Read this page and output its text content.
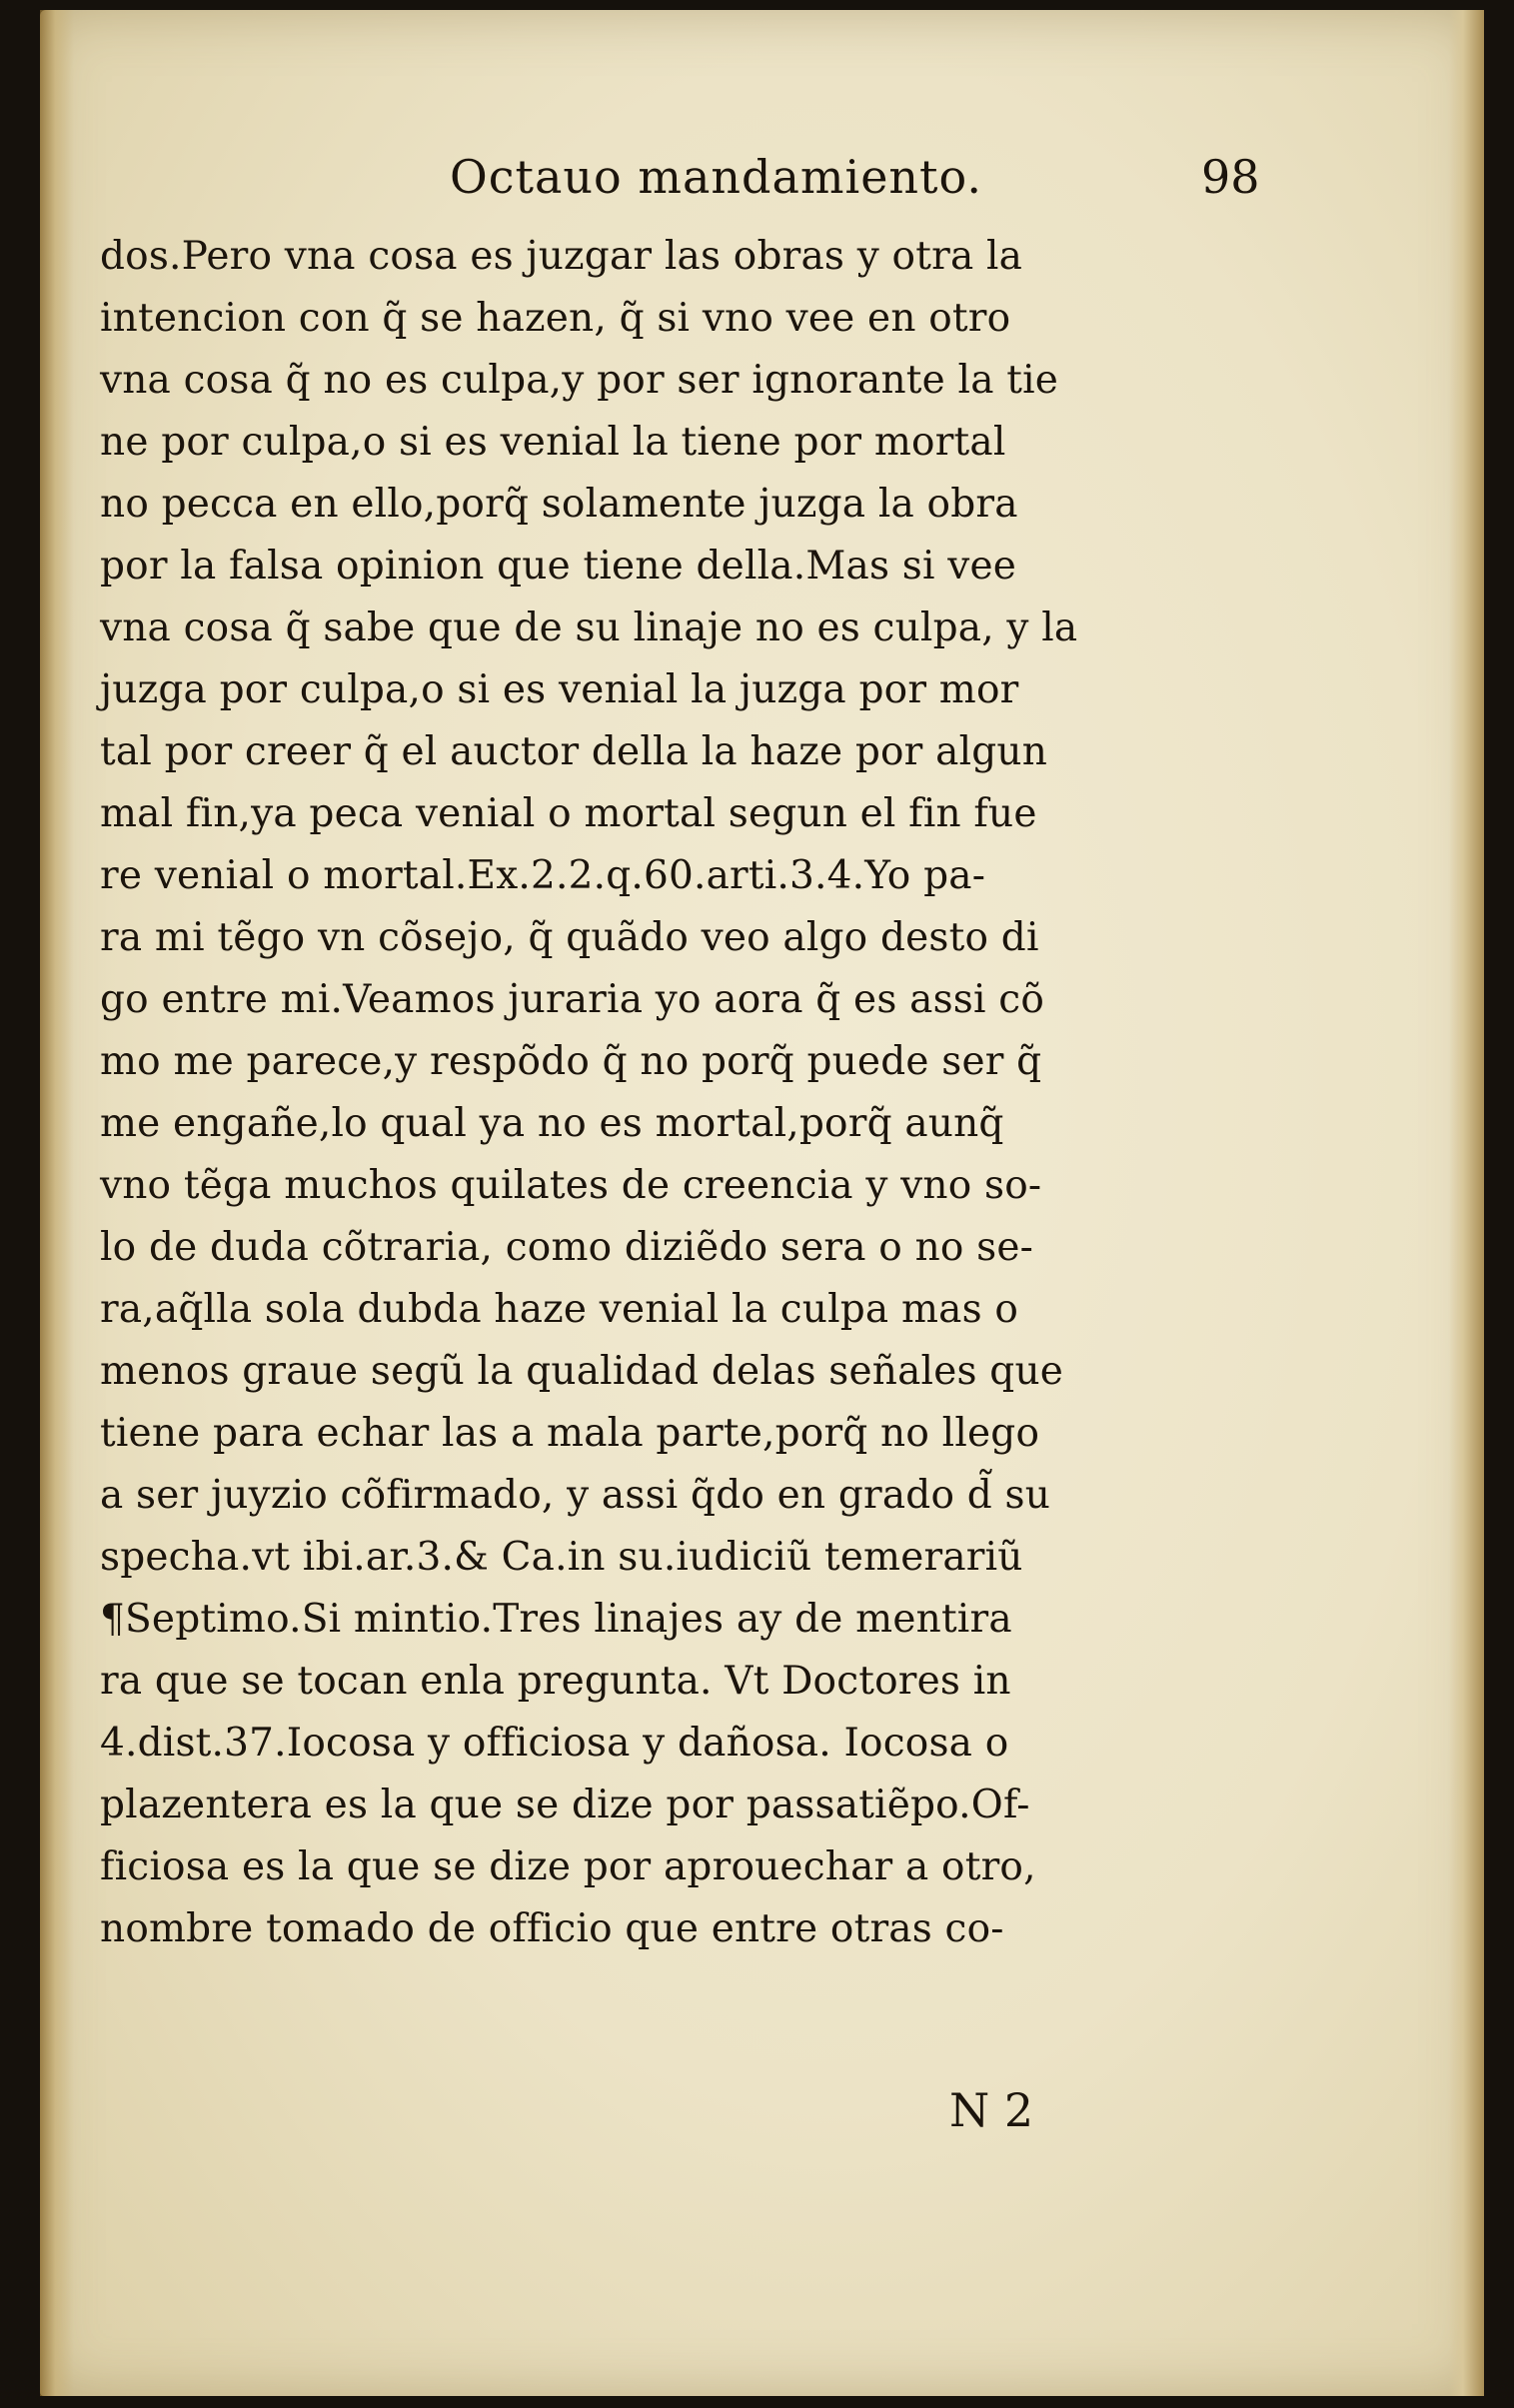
Octauo mandamiento.	98
dos.Pero vna cosa es juzgar las obras y otra la
intencion con q̃ se hazen, q̃ si vno vee en otro
vna cosa q̃ no es culpa,y por ser ignorante la tie
ne por culpa,o si es venial la tiene por mortal
no pecca en ello,porq̃ solamente juzga la obra
por la falsa opinion que tiene della.Mas si vee
vna cosa q̃ sabe que de su linaje no es culpa, y la
juzga por culpa,o si es venial la juzga por mor
tal por creer q̃ el auctor della la haze por algun
mal fin,ya peca venial o mortal segun el fin fue
re venial o mortal.Ex.2.2.q.60.arti.3.4.Yo pa-
ra mi tẽgo vn cõsejo, q̃ quãdo veo algo desto di
go entre mi.Veamos juraria yo aora q̃ es assi cõ
mo me parece,y respõdo q̃ no porq̃ puede ser q̃
me engañe,lo qual ya no es mortal,porq̃ aunq̃
vno tẽga muchos quilates de creencia y vno so-
lo de duda cõtraria, como diziẽdo sera o no se-
ra,aq̃lla sola dubda haze venial la culpa mas o
menos graue segũ la qualidad delas señales que
tiene para echar las a mala parte,porq̃ no llego
a ser juyzio cõfirmado, y assi q̃do en grado d̃ su
specha.vt ibi.ar.3.& Ca.in su.iudiciũ temerariũ
¶Septimo.Si mintio.Tres linajes ay de mentira
ra que se tocan enla pregunta. Vt Doctores in
4.dist.37.Iocosa y officiosa y dañosa. Iocosa o
plazentera es la que se dize por passatiẽpo.Of-
ficiosa es la que se dize por aprouechar a otro,
nombre tomado de officio que entre otras co-
N 2
